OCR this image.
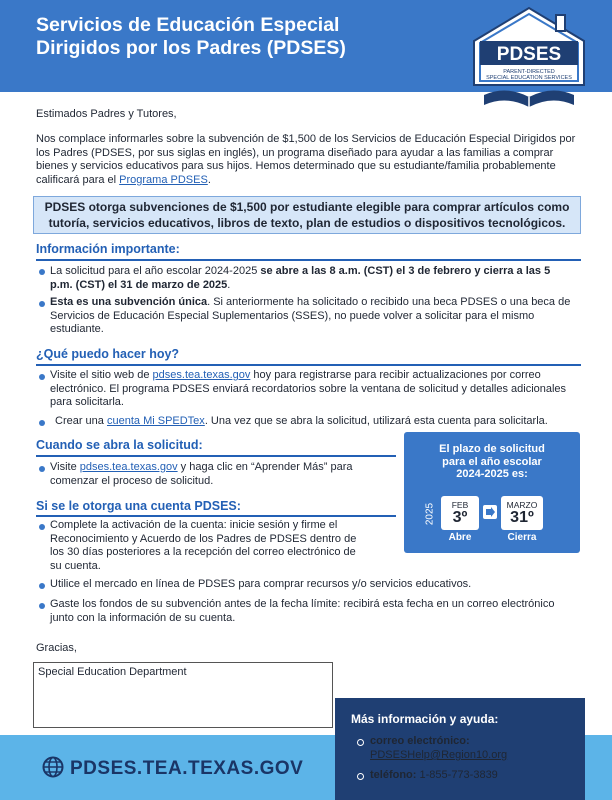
Servicios de Educación Especial
Dirigidos por los Padres (PDSES)	PDSES
PARENT-DIRECTED
SPECIAL EDUCATION SERVICES
Estimados Padres y Tutores,
Nos complace informarles sobre la subvención de $1,500 de los Servicios de Educación Especial Dirigidos por los Padres (PDSES, por sus siglas en inglés), un programa diseñado para ayudar a las familias a comprar bienes y servicios educativos para sus hijos. Hemos determinado que su estudiante/familia probablemente calificará para el Programa PDSES.
PDSES otorga subvenciones de $1,500 por estudiante elegible para comprar artículos como tutoría, servicios educativos, libros de texto, plan de estudios o dispositivos tecnológicos.
Información importante:
La solicitud para el año escolar 2024-2025 se abre a las 8 a.m. (CST) el 3 de febrero y cierra a las 5 p.m. (CST) el 31 de marzo de 2025.
Esta es una subvención única. Si anteriormente ha solicitado o recibido una beca PDSES o una beca de Servicios de Educación Especial Suplementarios (SSES), no puede volver a solicitar para el mismo estudiante.
¿Qué puedo hacer hoy?
Visite el sitio web de pdses.tea.texas.gov hoy para registrarse para recibir actualizaciones por correo electrónico. El programa PDSES enviará recordatorios sobre la ventana de solicitud y detalles adicionales para solicitarla.
Crear una cuenta Mi SPEDTex. Una vez que se abra la solicitud, utilizará esta cuenta para solicitarla.
Cuando se abra la solicitud:
Visite pdses.tea.texas.gov y haga clic en “Aprender Más” para comenzar el proceso de solicitud.
Si se le otorga una cuenta PDSES:
Complete la activación de la cuenta: inicie sesión y firme el Reconocimiento y Acuerdo de los Padres de PDSES dentro de los 30 días posteriores a la recepción del correo electrónico de su cuenta.
Utilice el mercado en línea de PDSES para comprar recursos y/o servicios educativos.
Gaste los fondos de su subvención antes de la fecha límite: recibirá esta fecha en un correo electrónico junto con la información de su cuenta.
El plazo de solicitud
para el año escolar
2024-2025 es:
2025	FEB
3º
MARZO
31º
Abre	Cierra
Gracias,
Special Education Department
PDSES.TEA.TEXAS.GOV
Más información y ayuda:
correo electrónico:
PDSESHelp@Region10.org
teléfono: 1-855-773-3839
